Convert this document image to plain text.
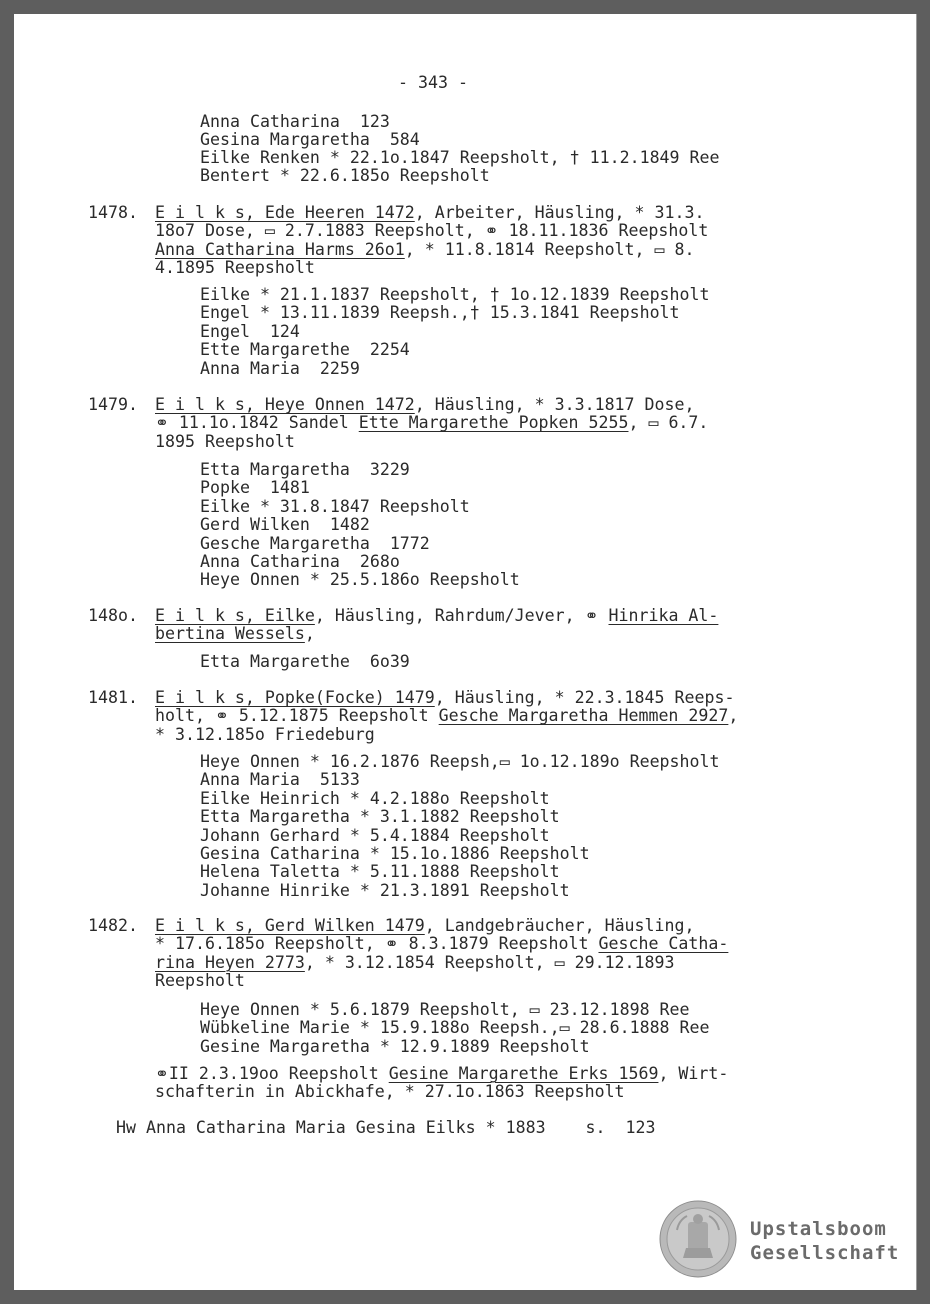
- 343 -
Anna Catharina  123
Gesina Margaretha  584
Eilke Renken * 22.1o.1847 Reepsholt, † 11.2.1849 Ree
Bentert * 22.6.185o Reepsholt
1478. E i l k s, Ede Heeren 1472, Arbeiter, Häusling, * 31.3.
18o7 Dose, ▭ 2.7.1883 Reepsholt, ⚭ 18.11.1836 Reepsholt
Anna Catharina Harms 26o1, * 11.8.1814 Reepsholt, ▭ 8.
4.1895 Reepsholt
Eilke * 21.1.1837 Reepsholt, † 1o.12.1839 Reepsholt
Engel * 13.11.1839 Reepsh.,† 15.3.1841 Reepsholt
Engel  124
Ette Margarethe  2254
Anna Maria  2259
1479. E i l k s, Heye Onnen 1472, Häusling, * 3.3.1817 Dose,
⚭ 11.1o.1842 Sandel Ette Margarethe Popken 5255, ▭ 6.7.
1895 Reepsholt
Etta Margaretha  3229
Popke  1481
Eilke * 31.8.1847 Reepsholt
Gerd Wilken  1482
Gesche Margaretha  1772
Anna Catharina  268o
Heye Onnen * 25.5.186o Reepsholt
148o. E i l k s, Eilke, Häusling, Rahrdum/Jever, ⚭ Hinrika Al-
bertina Wessels,
Etta Margarethe  6o39
1481. E i l k s, Popke(Focke) 1479, Häusling, * 22.3.1845 Reeps-
holt, ⚭ 5.12.1875 Reepsholt Gesche Margaretha Hemmen 2927,
* 3.12.185o Friedeburg
Heye Onnen * 16.2.1876 Reepsh,▭ 1o.12.189o Reepsholt
Anna Maria  5133
Eilke Heinrich * 4.2.188o Reepsholt
Etta Margaretha * 3.1.1882 Reepsholt
Johann Gerhard * 5.4.1884 Reepsholt
Gesina Catharina * 15.1o.1886 Reepsholt
Helena Taletta * 5.11.1888 Reepsholt
Johanne Hinrike * 21.3.1891 Reepsholt
1482. E i l k s, Gerd Wilken 1479, Landgebräucher, Häusling,
* 17.6.185o Reepsholt, ⚭ 8.3.1879 Reepsholt Gesche Catha-
rina Heyen 2773, * 3.12.1854 Reepsholt, ▭ 29.12.1893
Reepsholt
Heye Onnen * 5.6.1879 Reepsholt, ▭ 23.12.1898 Ree
Wübkeline Marie * 15.9.188o Reepsh.,▭ 28.6.1888 Ree
Gesine Margaretha * 12.9.1889 Reepsholt
⚭II 2.3.19oo Reepsholt Gesine Margarethe Erks 1569, Wirt-
schafterin in Abickhafe, * 27.1o.1863 Reepsholt
Hw Anna Catharina Maria Gesina Eilks * 1883    s.  123
Upstalsboom
Gesellschaft
